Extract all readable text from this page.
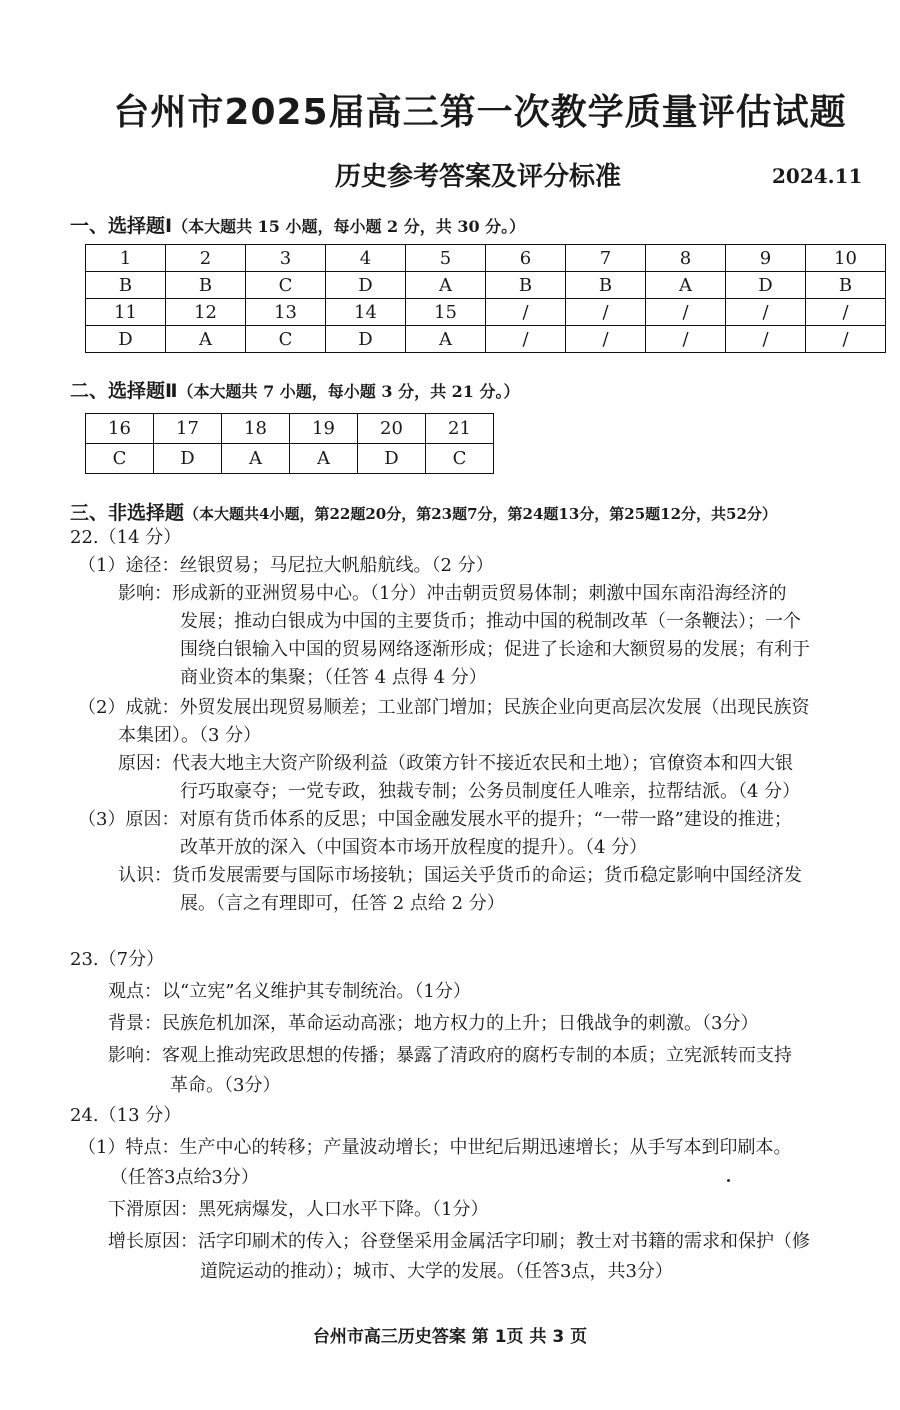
台州市2025届高三第一次教学质量评估试题
历史参考答案及评分标准	2024.11
一、选择题Ⅰ（本大题共 15 小题，每小题 2 分，共 30 分。）
1	2	3	4	5	6	7	8	9	10
B	B	C	D	A	B	B	A	D	B
11	12	13	14	15	/	/	/	/	/
D	A	C	D	A	/	/	/	/	/
二、选择题Ⅱ（本大题共 7 小题，每小题 3 分，共 21 分。）
16	17	18	19	20	21
C	D	A	A	D	C
三、非选择题（本大题共4小题，第22题20分，第23题7分，第24题13分，第25题12分，共52分）
22.（14 分）
（1）途径：丝银贸易；马尼拉大帆船航线。（2 分）
影响：形成新的亚洲贸易中心。（1分）冲击朝贡贸易体制；刺激中国东南沿海经济的
发展；推动白银成为中国的主要货币；推动中国的税制改革（一条鞭法）；一个
围绕白银输入中国的贸易网络逐渐形成；促进了长途和大额贸易的发展；有利于
商业资本的集聚；（任答 4 点得 4 分）
（2）成就：外贸发展出现贸易顺差；工业部门增加；民族企业向更高层次发展（出现民族资
本集团）。（3 分）
原因：代表大地主大资产阶级利益（政策方针不接近农民和土地）；官僚资本和四大银
行巧取豪夺；一党专政，独裁专制；公务员制度任人唯亲，拉帮结派。（4 分）
（3）原因：对原有货币体系的反思；中国金融发展水平的提升；“一带一路”建设的推进；
改革开放的深入（中国资本市场开放程度的提升）。（4 分）
认识：货币发展需要与国际市场接轨；国运关乎货币的命运；货币稳定影响中国经济发
展。（言之有理即可，任答 2 点给 2 分）
23.（7分）
观点：以“立宪”名义维护其专制统治。（1分）
背景：民族危机加深，革命运动高涨；地方权力的上升；日俄战争的刺激。（3分）
影响：客观上推动宪政思想的传播；暴露了清政府的腐朽专制的本质；立宪派转而支持
革命。（3分）
24.（13 分）
（1）特点：生产中心的转移；产量波动增长；中世纪后期迅速增长；从手写本到印刷本。
（任答3点给3分）
下滑原因：黑死病爆发，人口水平下降。（1分）
增长原因：活字印刷术的传入；谷登堡采用金属活字印刷；教士对书籍的需求和保护（修
道院运动的推动）；城市、大学的发展。（任答3点，共3分）
台州市高三历史答案 第 1页 共 3 页
